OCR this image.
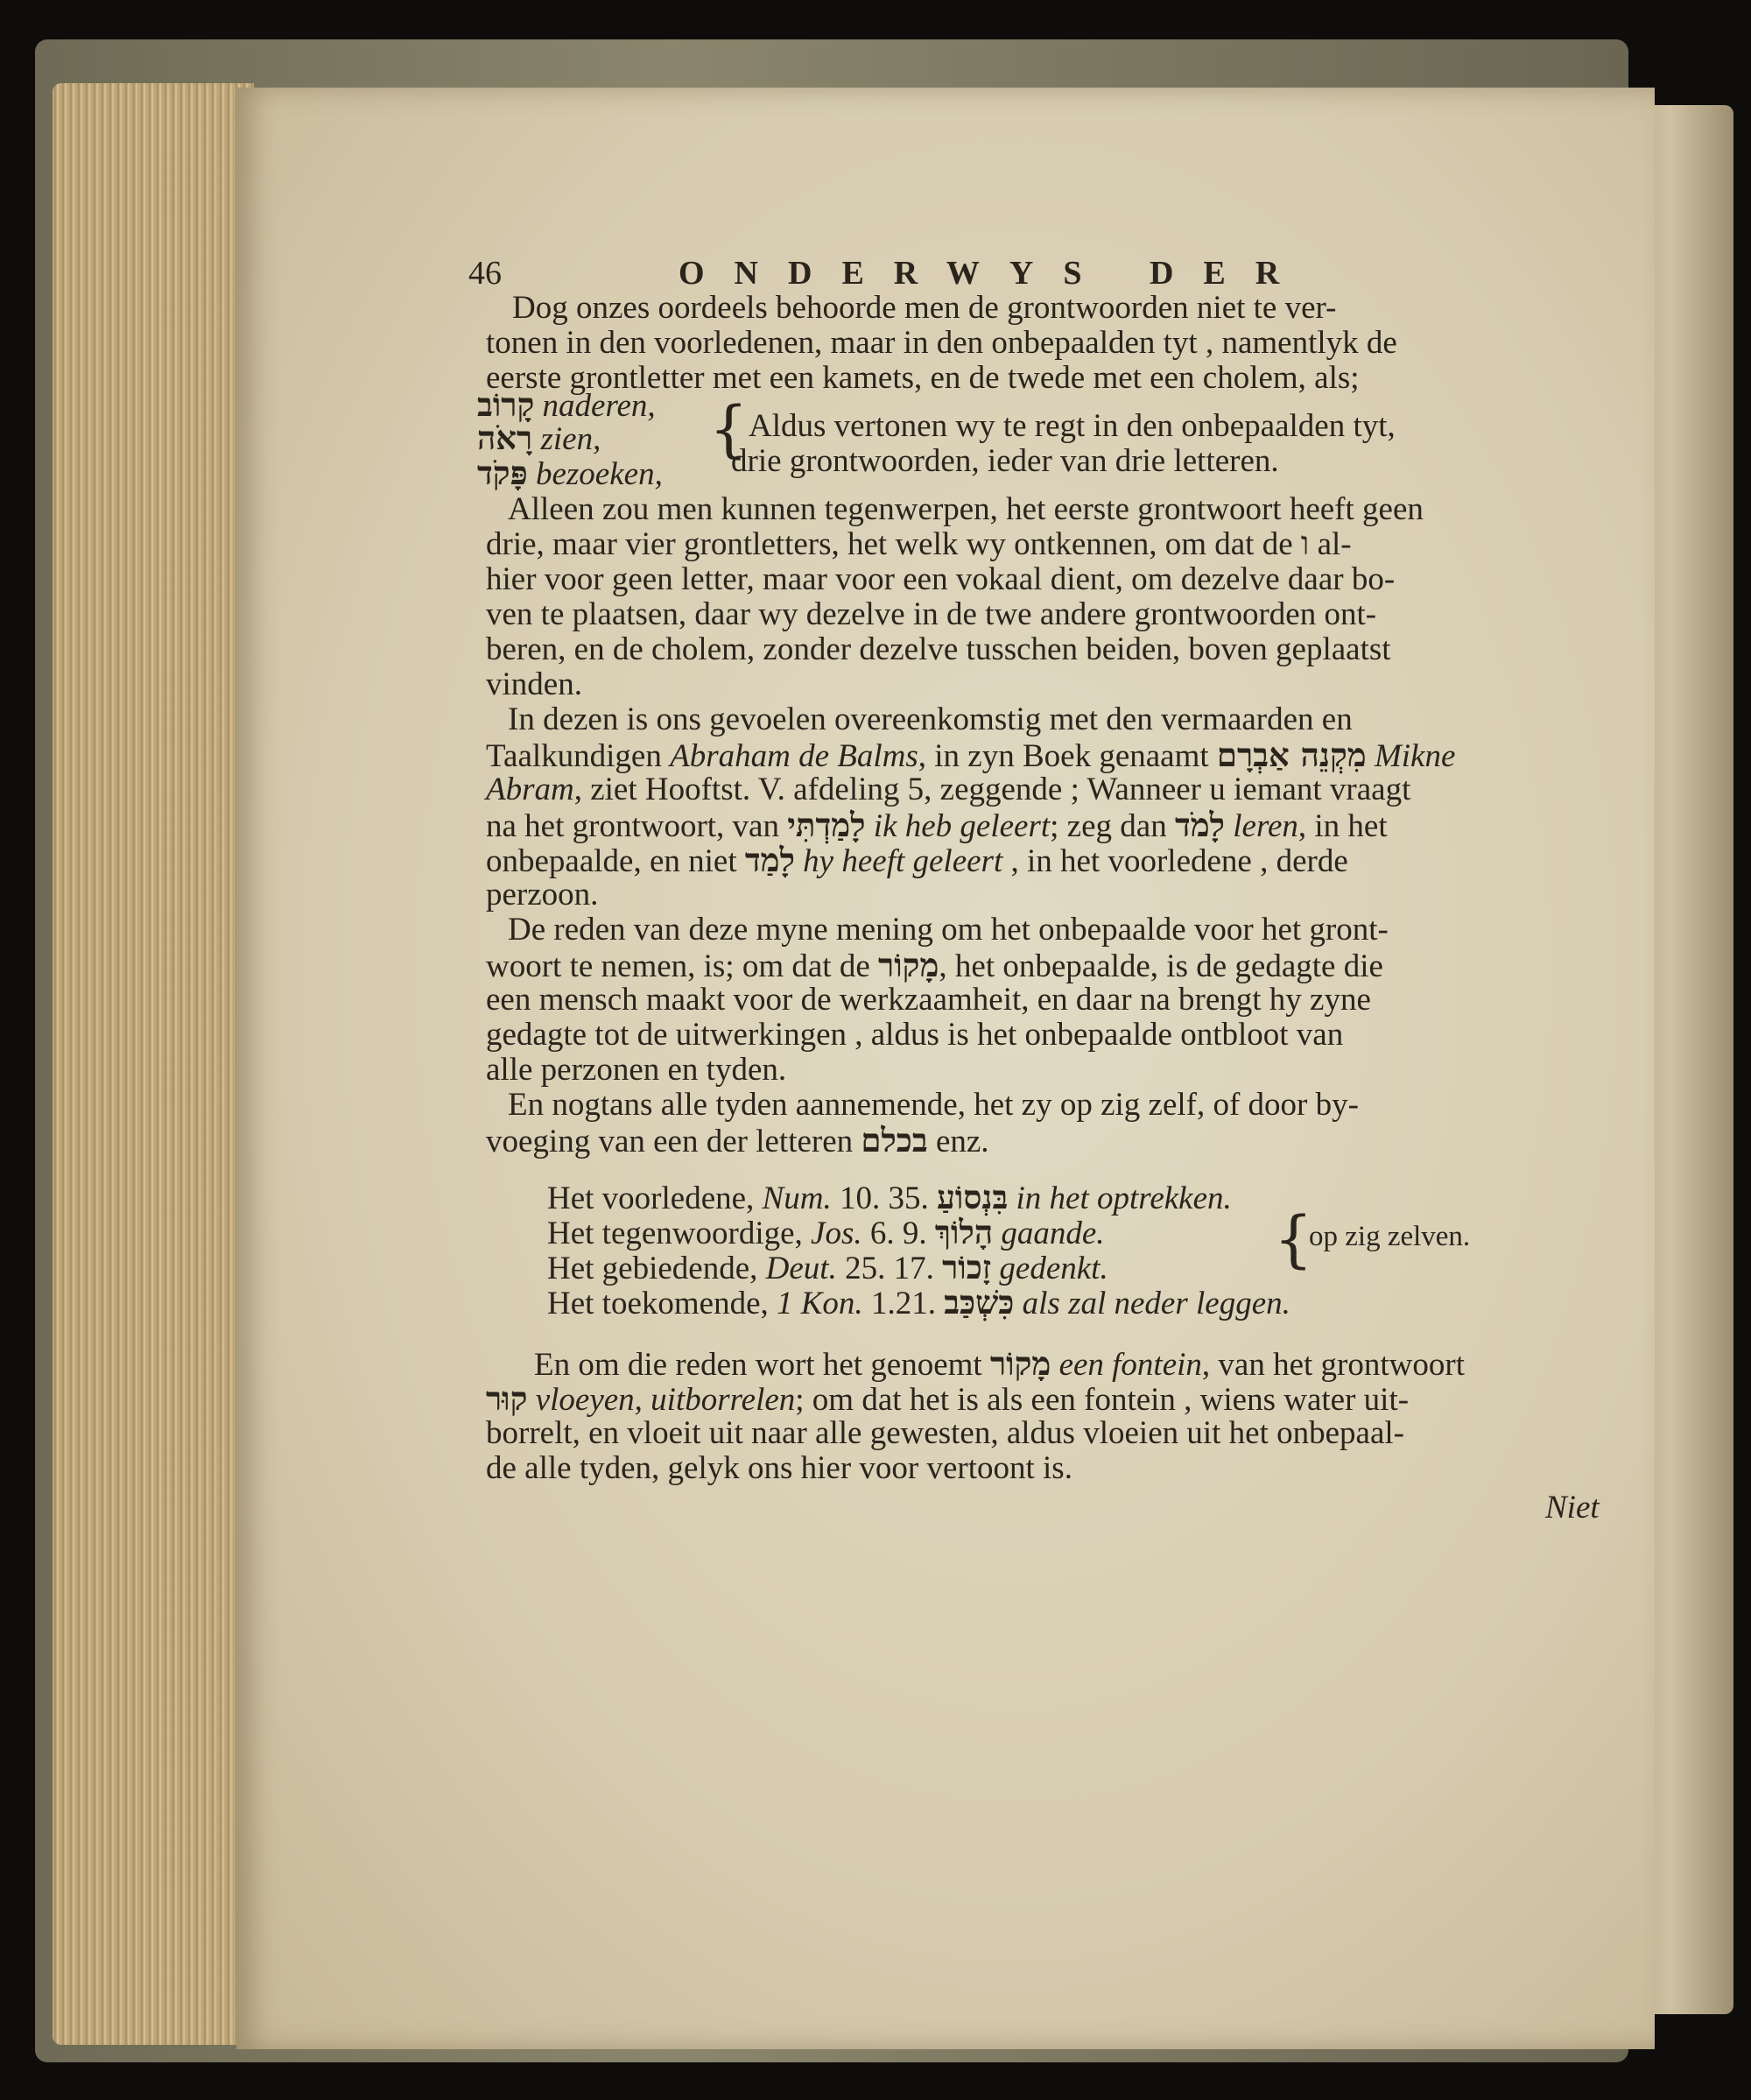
46	ONDERWYS DER
Dog onzes oordeels behoorde men de grontwoorden niet te ver-
tonen in den voorledenen, maar in den onbepaalden tyt , namentlyk de
eerste grontletter met een kamets, en de twede met een cholem, als;
קָרוֹב naderen,
רָאֹה zien,
פָּקֹד bezoeken,
{ Aldus vertonen wy te regt in den onbepaalden tyt,
drie grontwoorden, ieder van drie letteren.
Alleen zou men kunnen tegenwerpen, het eerste grontwoort heeft geen
drie, maar vier grontletters, het welk wy ontkennen, om dat de ו al-
hier voor geen letter, maar voor een vokaal dient, om dezelve daar bo-
ven te plaatsen, daar wy dezelve in de twe andere grontwoorden ont-
beren, en de cholem, zonder dezelve tusschen beiden, boven geplaatst
vinden.
In dezen is ons gevoelen overeenkomstig met den vermaarden en
Taalkundigen Abraham de Balms, in zyn Boek genaamt מִקְנֵה אַבְרָם Mikne
Abram, ziet Hooftst. V. afdeling 5, zeggende ; Wanneer u iemant vraagt
na het grontwoort, van לָמַדְתִּי ik heb geleert; zeg dan לָמֹד leren, in het
onbepaalde, en niet לָמַד hy heeft geleert , in het voorledene , derde
perzoon.
De reden van deze myne mening om het onbepaalde voor het gront-
woort te nemen, is; om dat de מָקוֹר, het onbepaalde, is de gedagte die
een mensch maakt voor de werkzaamheit, en daar na brengt hy zyne
gedagte tot de uitwerkingen , aldus is het onbepaalde ontbloot van
alle perzonen en tyden.
En nogtans alle tyden aannemende, het zy op zig zelf, of door by-
voeging van een der letteren בכלם enz.
Het voorledene, Num. 10. 35. בִּנְסוֹעַ in het optrekken.
Het tegenwoordige, Jos. 6. 9. הָלוֹךְ gaande.
Het gebiedende, Deut. 25. 17. זָכוֹר gedenkt.
Het toekomende, 1 Kon. 1.21. כִּשְׁכַּב als zal neder leggen.
{
op zig zelven.
En om die reden wort het genoemt מָקוֹר een fontein, van het grontwoort
קוּר vloeyen, uitborrelen; om dat het is als een fontein , wiens water uit-
borrelt, en vloeit uit naar alle gewesten, aldus vloeien uit het onbepaal-
de alle tyden, gelyk ons hier voor vertoont is.
Niet
